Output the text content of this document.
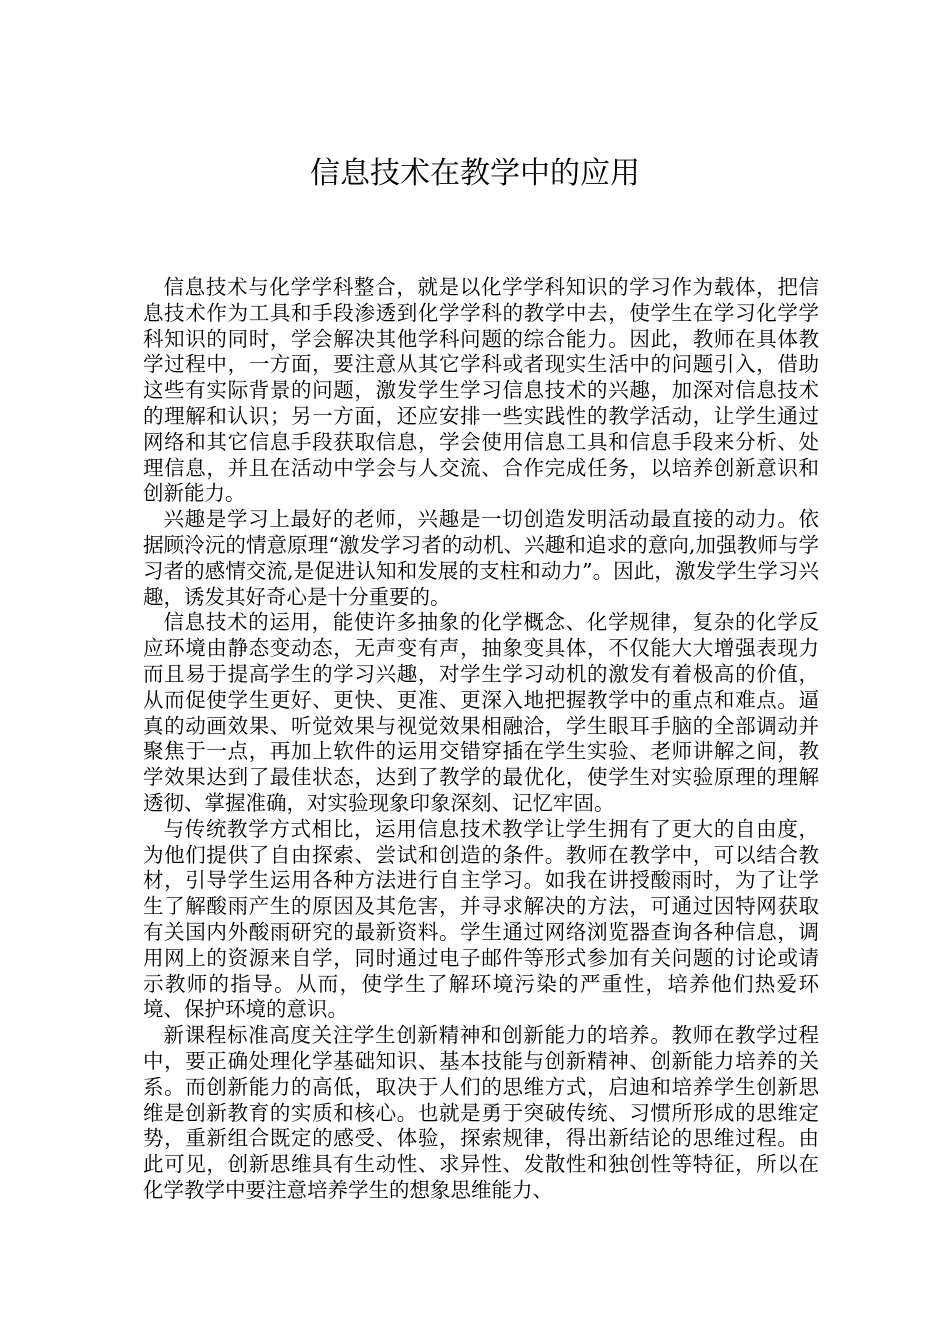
信息技术在教学中的应用

信息技术与化学学科整合，就是以化学学科知识的学习作为载体，把信息技术作为工具和手段渗透到化学学科的教学中去，使学生在学习化学学科知识的同时，学会解决其他学科问题的综合能力。因此，教师在具体教学过程中，一方面，要注意从其它学科或者现实生活中的问题引入，借助这些有实际背景的问题，激发学生学习信息技术的兴趣，加深对信息技术的理解和认识；另一方面，还应安排一些实践性的教学活动，让学生通过网络和其它信息手段获取信息，学会使用信息工具和信息手段来分析、处理信息，并且在活动中学会与人交流、合作完成任务，以培养创新意识和创新能力。

兴趣是学习上最好的老师，兴趣是一切创造发明活动最直接的动力。依据顾泠沅的情意原理“激发学习者的动机、兴趣和追求的意向,加强教师与学习者的感情交流,是促进认知和发展的支柱和动力”。因此，激发学生学习兴趣，诱发其好奇心是十分重要的。

信息技术的运用，能使许多抽象的化学概念、化学规律，复杂的化学反应环境由静态变动态，无声变有声，抽象变具体，不仅能大大增强表现力而且易于提高学生的学习兴趣，对学生学习动机的激发有着极高的价值，从而促使学生更好、更快、更准、更深入地把握教学中的重点和难点。逼真的动画效果、听觉效果与视觉效果相融洽，学生眼耳手脑的全部调动并聚焦于一点，再加上软件的运用交错穿插在学生实验、老师讲解之间，教学效果达到了最佳状态，达到了教学的最优化，使学生对实验原理的理解透彻、掌握准确，对实验现象印象深刻、记忆牢固。

与传统教学方式相比，运用信息技术教学让学生拥有了更大的自由度，为他们提供了自由探索、尝试和创造的条件。教师在教学中，可以结合教材，引导学生运用各种方法进行自主学习。如我在讲授酸雨时，为了让学生了解酸雨产生的原因及其危害，并寻求解决的方法，可通过因特网获取有关国内外酸雨研究的最新资料。学生通过网络浏览器查询各种信息，调用网上的资源来自学，同时通过电子邮件等形式参加有关问题的讨论或请示教师的指导。从而，使学生了解环境污染的严重性，培养他们热爱环境、保护环境的意识。

新课程标准高度关注学生创新精神和创新能力的培养。教师在教学过程中，要正确处理化学基础知识、基本技能与创新精神、创新能力培养的关系。而创新能力的高低，取决于人们的思维方式，启迪和培养学生创新思维是创新教育的实质和核心。也就是勇于突破传统、习惯所形成的思维定势，重新组合既定的感受、体验，探索规律，得出新结论的思维过程。由此可见，创新思维具有生动性、求异性、发散性和独创性等特征，所以在化学教学中要注意培养学生的想象思维能力、
